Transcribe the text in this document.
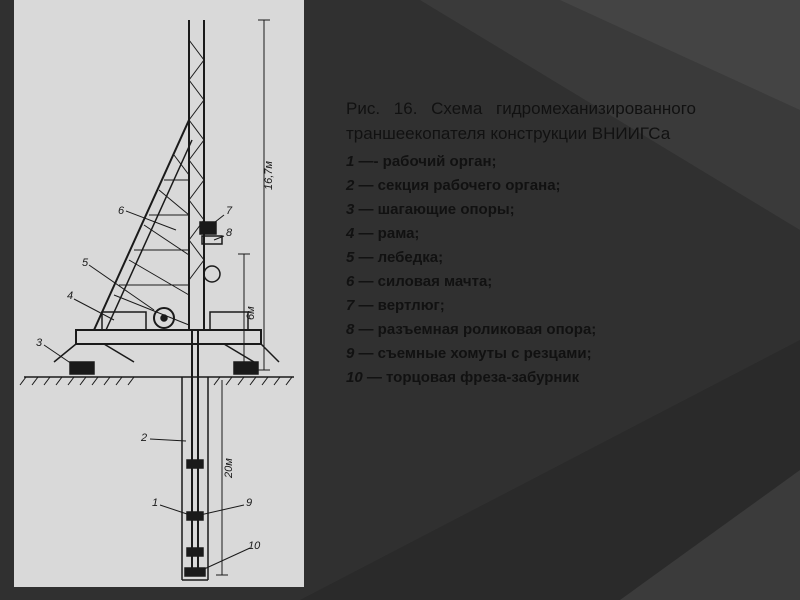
6	7
8
5
4
3
2
1	9
10
16,7м
6м
20м

Рис. 16. Схема гидромеханизированного траншеекопателя конструкции ВНИИГСа

1 —- рабочий орган;
2 — секция рабочего органа;
3 — шагающие опоры;
4 — рама;
5 — лебедка;
6 — силовая мачта;
7 — вертлюг;
8 — разъемная роликовая опора;
9 — съемные хомуты с резцами;
10 — торцовая фреза-забурник
